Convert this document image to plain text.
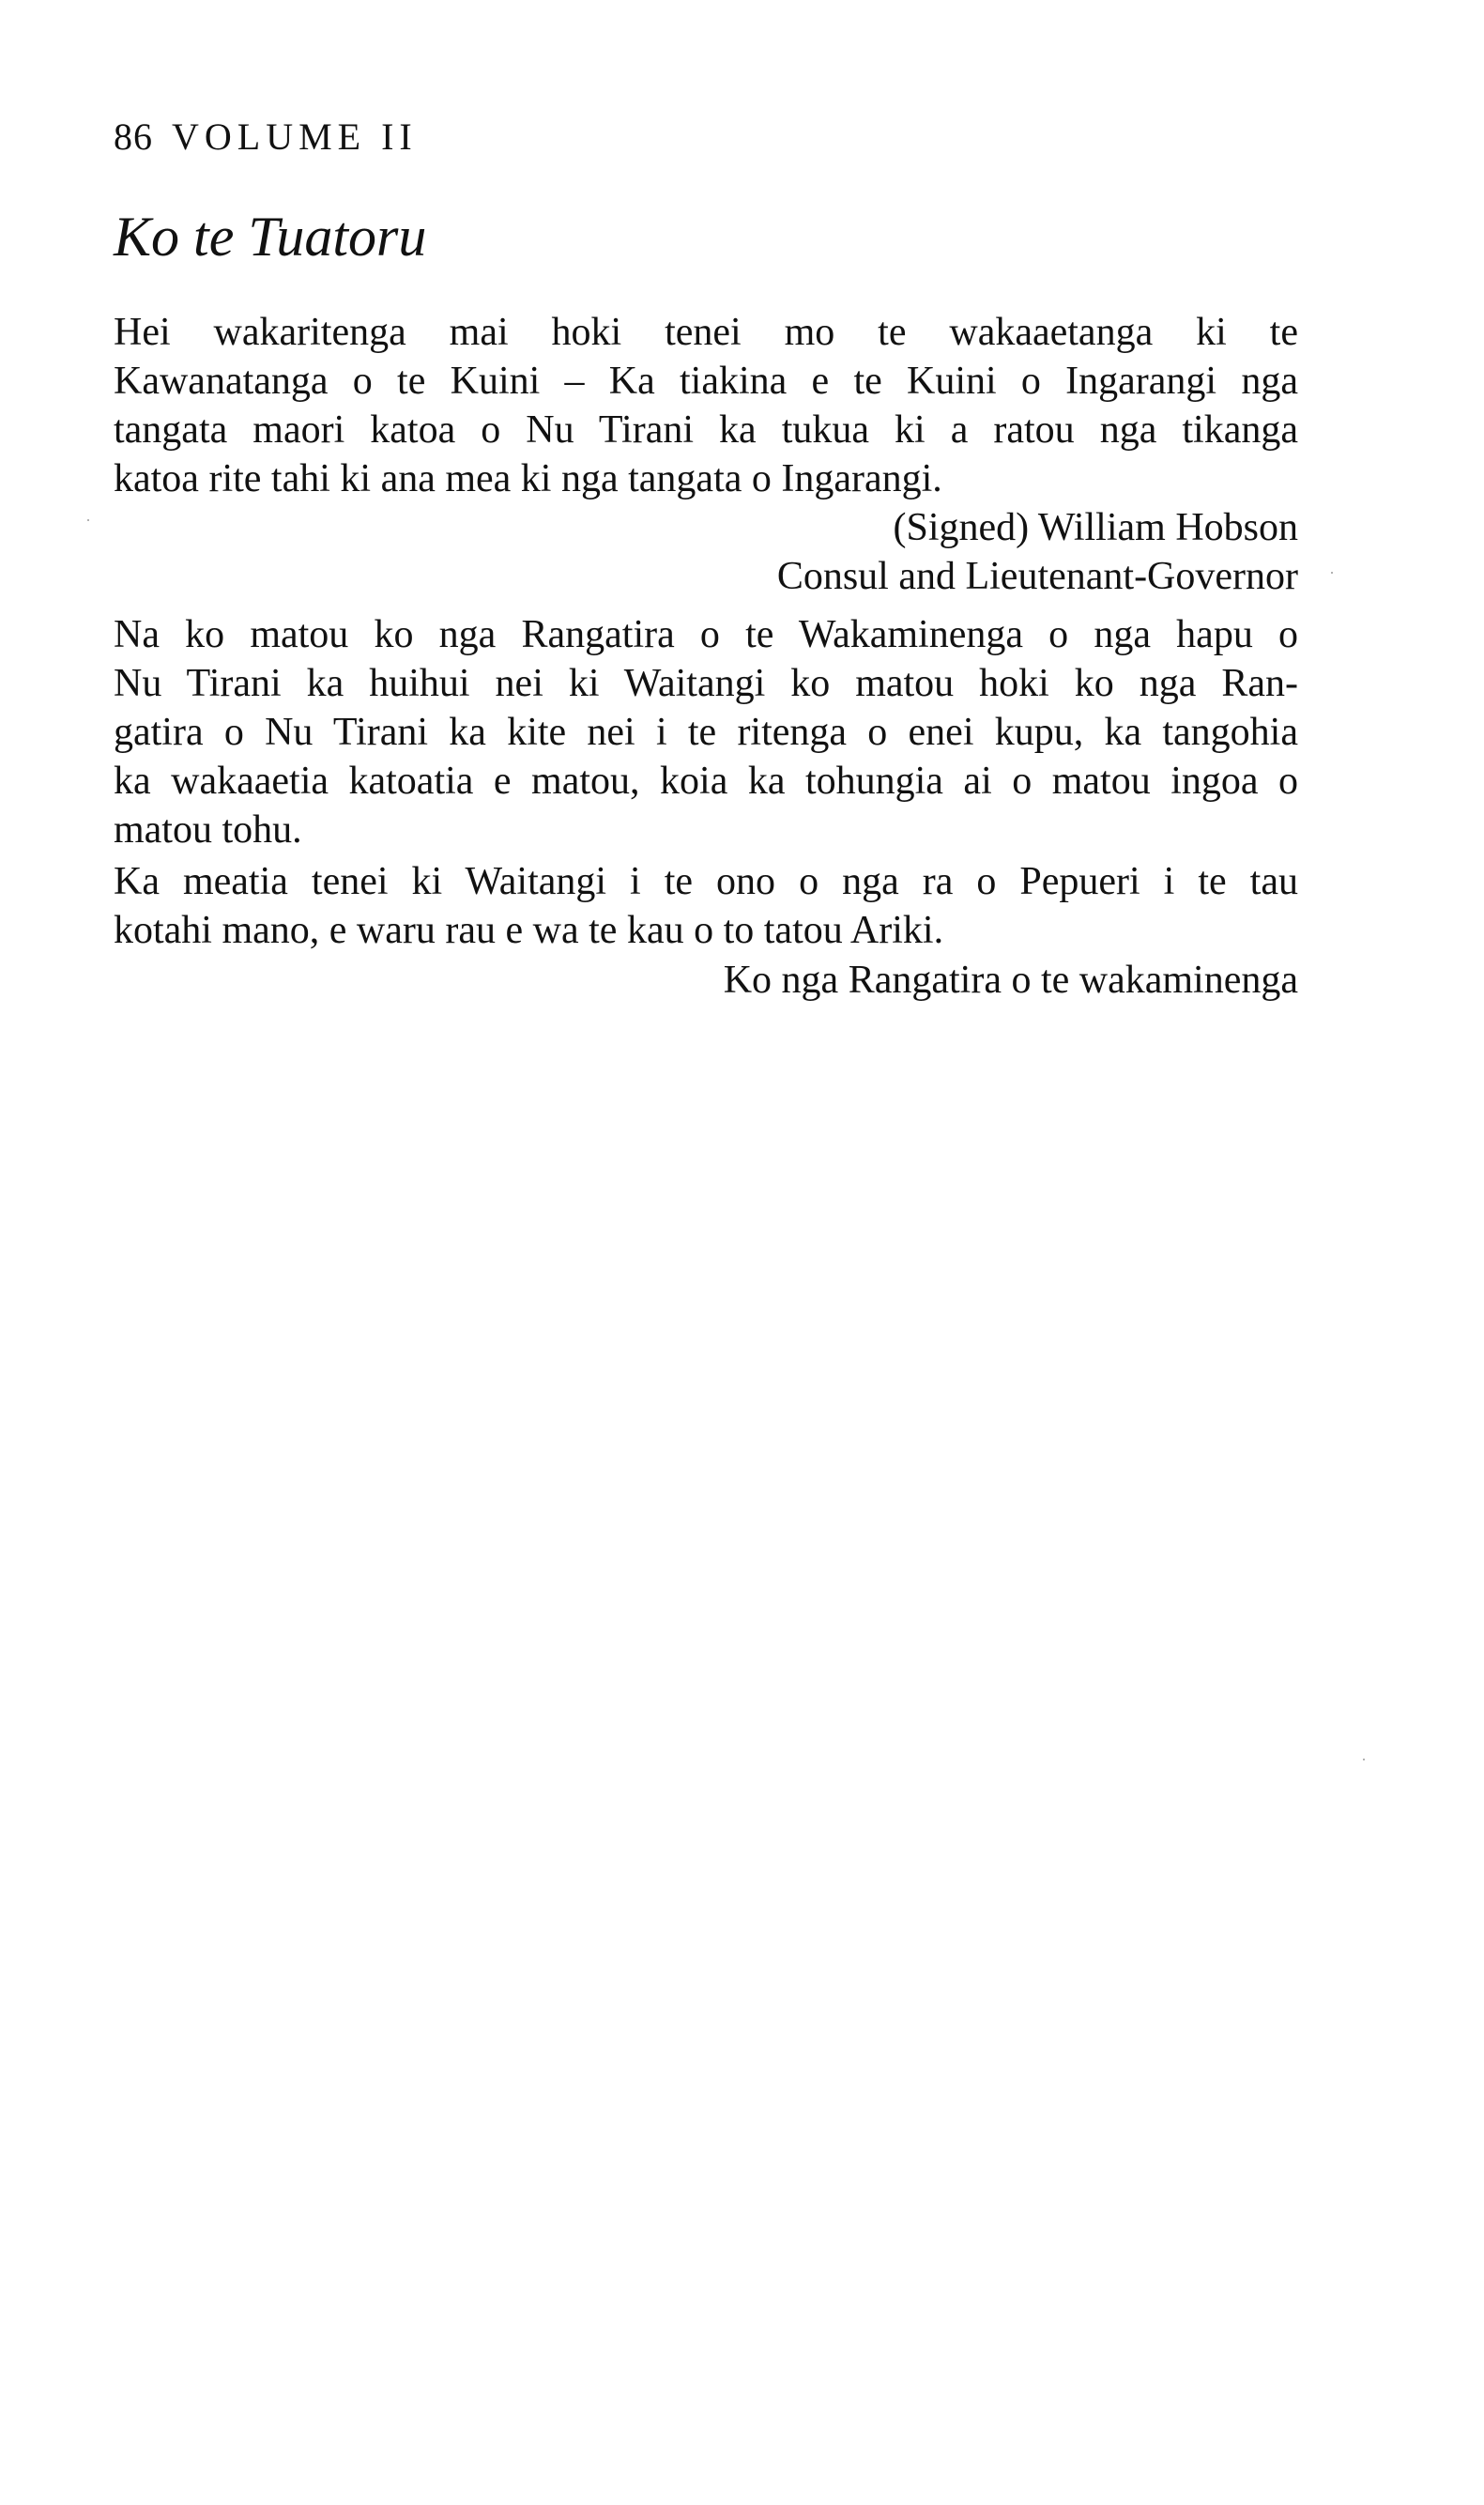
86 VOLUME II
Ko te Tuatoru
Hei wakaritenga mai hoki tenei mo te wakaaetanga ki te
Kawanatanga o te Kuini – Ka tiakina e te Kuini o Ingarangi nga
tangata maori katoa o Nu Tirani ka tukua ki a ratou nga tikanga
katoa rite tahi ki ana mea ki nga tangata o Ingarangi.
(Signed) William Hobson
Consul and Lieutenant-Governor
Na ko matou ko nga Rangatira o te Wakaminenga o nga hapu o
Nu Tirani ka huihui nei ki Waitangi ko matou hoki ko nga Ran-
gatira o Nu Tirani ka kite nei i te ritenga o enei kupu, ka tangohia
ka wakaaetia katoatia e matou, koia ka tohungia ai o matou ingoa o
matou tohu.
Ka meatia tenei ki Waitangi i te ono o nga ra o Pepueri i te tau
kotahi mano, e waru rau e wa te kau o to tatou Ariki.
Ko nga Rangatira o te wakaminenga
